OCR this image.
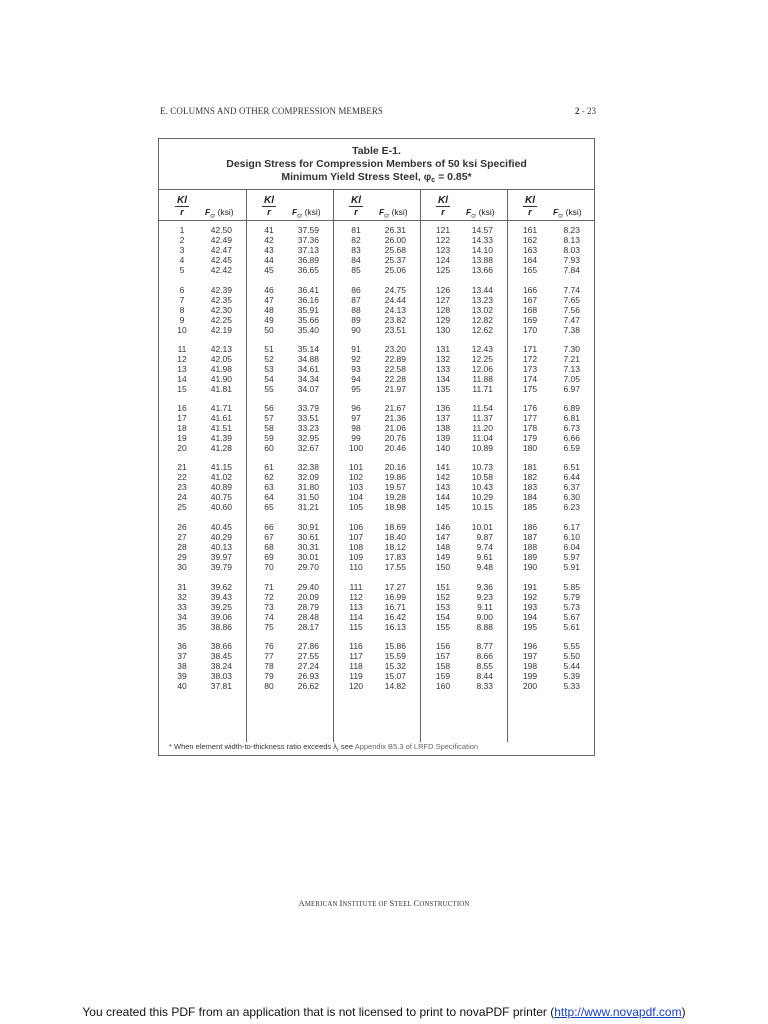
E. COLUMNS AND OTHER COMPRESSION MEMBERS	2 - 23
Table E-1.
Design Stress for Compression Members of 50 ksi Specified
Minimum Yield Stress Steel, φc = 0.85*
$\frac{Kl}{r} F_{cr}$ (ksi)
1	42.50
2	42.49
3	42.47
4	42.45
5	42.42
6	42.39
7	42.35
8	42.30
9	42.25
10	42.19
11	42.13
12	42.05
13	41.98
14	41.90
15	41.81
16	41.71
17	41.61
18	41.51
19	41.39
20	41.28
21	41.15
22	41.02
23	40.89
24	40.75
25	40.60
26	40.45
27	40.29
28	40.13
29	39.97
30	39.79
31	39.62
32	39.43
33	39.25
34	39.06
35	38.86
36	38.66
37	38.45
38	38.24
39	38.03
40	37.81
$\frac{Kl}{r} F_{cr}$ (ksi)
41	37.59
42	37.36
43	37.13
44	36.89
45	36.65
46	36.41
47	36.16
48	35.91
49	35.66
50	35.40
51	35.14
52	34.88
53	34.61
54	34.34
55	34.07
56	33.79
57	33.51
58	33.23
59	32.95
60	32.67
61	32.38
62	32.09
63	31.80
64	31.50
65	31.21
66	30.91
67	30.61
68	30.31
69	30.01
70	29.70
71	29.40
72	20.09
73	28.79
74	28.48
75	28.17
76	27.86
77	27.55
78	27.24
79	26.93
80	26.62
$\frac{Kl}{r} F_{cr}$ (ksi)
81	26.31
82	26.00
83	25.68
84	25.37
85	25.06
86	24.75
87	24.44
88	24.13
89	23.82
90	23.51
91	23.20
92	22.89
93	22.58
94	22.28
95	21.97
96	21.67
97	21.36
98	21.06
99	20.76
100	20.46
101	20.16
102	19.86
103	19.57
104	19.28
105	18.98
106	18.69
107	18.40
108	18.12
109	17.83
110	17.55
111	17.27
112	16.99
113	16.71
114	16.42
115	16.13
116	15.86
117	15.59
118	15.32
119	15.07
120	14.82
$\frac{Kl}{r} F_{cr}$ (ksi)
121	14.57
122	14.33
123	14.10
124	13.88
125	13.66
126	13.44
127	13.23
128	13.02
129	12.82
130	12.62
131	12.43
132	12.25
133	12.06
134	11.88
135	11.71
136	11.54
137	11.37
138	11.20
139	11.04
140	10.89
141	10.73
142	10.58
143	10.43
144	10.29
145	10.15
146	10.01
147	9.87
148	9.74
149	9.61
150	9.48
151	9.36
152	9.23
153	9.11
154	9.00
155	8.88
156	8.77
157	8.66
158	8.55
159	8.44
160	8.33
$\frac{Kl}{r} F_{cr}$ (ksi)
161	8.23
162	8.13
163	8.03
164	7.93
165	7.84
166	7.74
167	7.65
168	7.56
169	7.47
170	7.38
171	7.30
172	7.21
173	7.13
174	7.05
175	6.97
176	6.89
177	6.81
178	6.73
179	6.66
180	6.59
181	6.51
182	6.44
183	6.37
184	6.30
185	6.23
186	6.17
187	6.10
188	6.04
189	5.97
190	5.91
191	5.85
192	5.79
193	5.73
194	5.67
195	5.61
196	5.55
197	5.50
198	5.44
199	5.39
200	5.33
* When element width-to-thickness ratio exceeds $\lambda_r$ see Appendix B5.3 of LRFD Specification
AMERICAN INSTITUTE OF STEEL CONSTRUCTION
You created this PDF from an application that is not licensed to print to novaPDF printer (http://www.novapdf.com)
